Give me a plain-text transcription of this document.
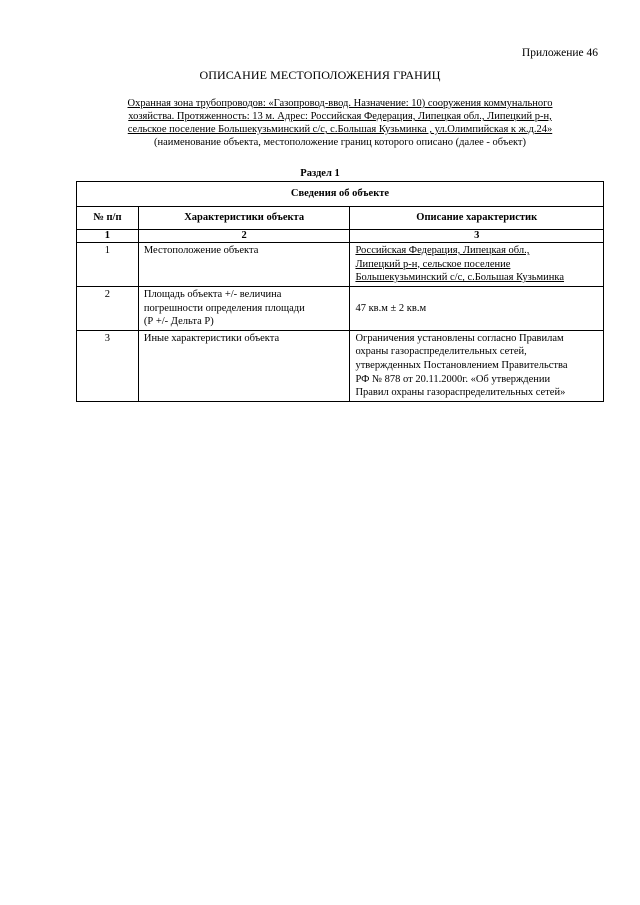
Приложение 46
ОПИСАНИЕ МЕСТОПОЛОЖЕНИЯ ГРАНИЦ
Охранная зона трубопроводов: «Газопровод-ввод. Назначение: 10) сооружения коммунального
хозяйства. Протяженность: 13 м. Адрес: Российская Федерация, Липецкая обл., Липецкий р-н,
сельское поселение Большекузьминский с/с, с.Большая Кузьминка , ул.Олимпийская к ж.д.24»
(наименование объекта, местоположение границ которого описано (далее - объект)
Раздел 1
Сведения об объекте		
№ п/п	Характеристики объекта	Описание характеристик
1	2	3
1	Местоположение объекта	Российская Федерация, Липецкая обл.,
Липецкий р-н, сельское поселение
Большекузьминский с/с, с.Большая Кузьминка

2	Площадь объекта +/- величина
погрешности определения площади
(Р +/- Дельта Р)	47 кв.м ± 2 кв.м

3	Иные характеристики объекта	Ограничения установлены согласно Правилам
охраны газораспределительных сетей,
утвержденных Постановлением Правительства
РФ № 878 от 20.11.2000г. «Об утверждении
Правил охраны газораспределительных сетей»
